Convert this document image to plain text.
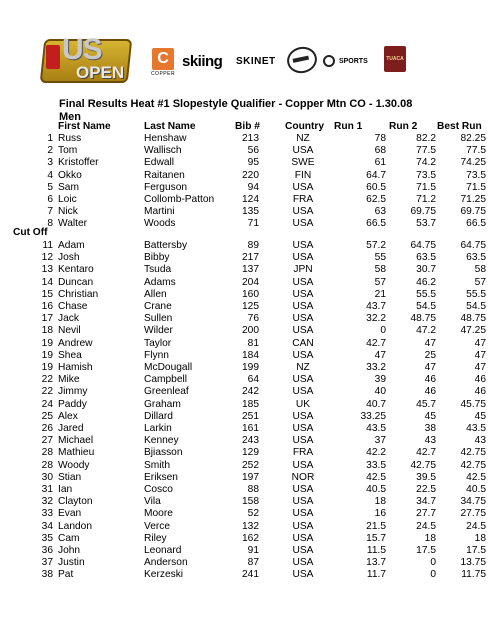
US
OPEN
C
COPPER
skiing SKINET	SPORTS	TUACA
Final Results Heat #1 Slopestyle Qualifier - Copper Mtn CO - 1.30.08
Men
First Name	Last Name	Bib # Country Run 1	Run 2 Best Run
1 Russ	Henshaw	213	NZ	78	82.2 82.25
2 Tom	Wallisch	56	USA	68	77.5	77.5
3 Kristoffer	Edwall	95	SWE	61	74.2 74.25
4 Okko	Raitanen	220	FIN	64.7	73.5	73.5
5 Sam	Ferguson	94	USA	60.5	71.5	71.5
6 Loic	Collomb-Patton	124	FRA	62.5	71.2 71.25
7 Nick	Martini	135	USA	63 69.75 69.75
8 Walter	Woods	71	USA	66.5	53.7	66.5
Cut Off
11 Adam	Battersby	89	USA	57.2 64.75 64.75
12 Josh	Bibby	217	USA	55	63.5	63.5
13 Kentaro	Tsuda	137	JPN	58	30.7	58
14 Duncan	Adams	204	USA	57	46.2	57
15 Christian	Allen	160	USA	21	55.5	55.5
16 Chase	Crane	125	USA	43.7	54.5	54.5
17 Jack	Sullen	76	USA	32.2 48.75 48.75
18 Nevil	Wilder	200	USA	0	47.2 47.25
19 Andrew	Taylor	81	CAN	42.7	47	47
19 Shea	Flynn	184	USA	47	25	47
19 Hamish	McDougall	199	NZ	33.2	47	47
22 Mike	Campbell	64	USA	39	46	46
22 Jimmy	Greenleaf	242	USA	40	46	46
24 Paddy	Graham	185	UK	40.7	45.7 45.75
25 Alex	Dillard	251	USA	33.25	45	45
26 Jared	Larkin	161	USA	43.5	38	43.5
27 Michael	Kenney	243	USA	37	43	43
28 Mathieu	Bjiasson	129	FRA	42.2	42.7 42.75
28 Woody	Smith	252	USA	33.5 42.75 42.75
30 Stian	Eriksen	197	NOR	42.5	39.5	42.5
31 Ian	Cosco	88	USA	40.5	22.5	40.5
32 Clayton	Vila	158	USA	18	34.7 34.75
33 Evan	Moore	52	USA	16	27.7 27.75
34 Landon	Verce	132	USA	21.5	24.5	24.5
35 Cam	Riley	162	USA	15.7	18	18
36 John	Leonard	91	USA	11.5	17.5	17.5
37 Justin	Anderson	87	USA	13.7	0 13.75
38 Pat	Kerzeski	241	USA	11.7	0 11.75
